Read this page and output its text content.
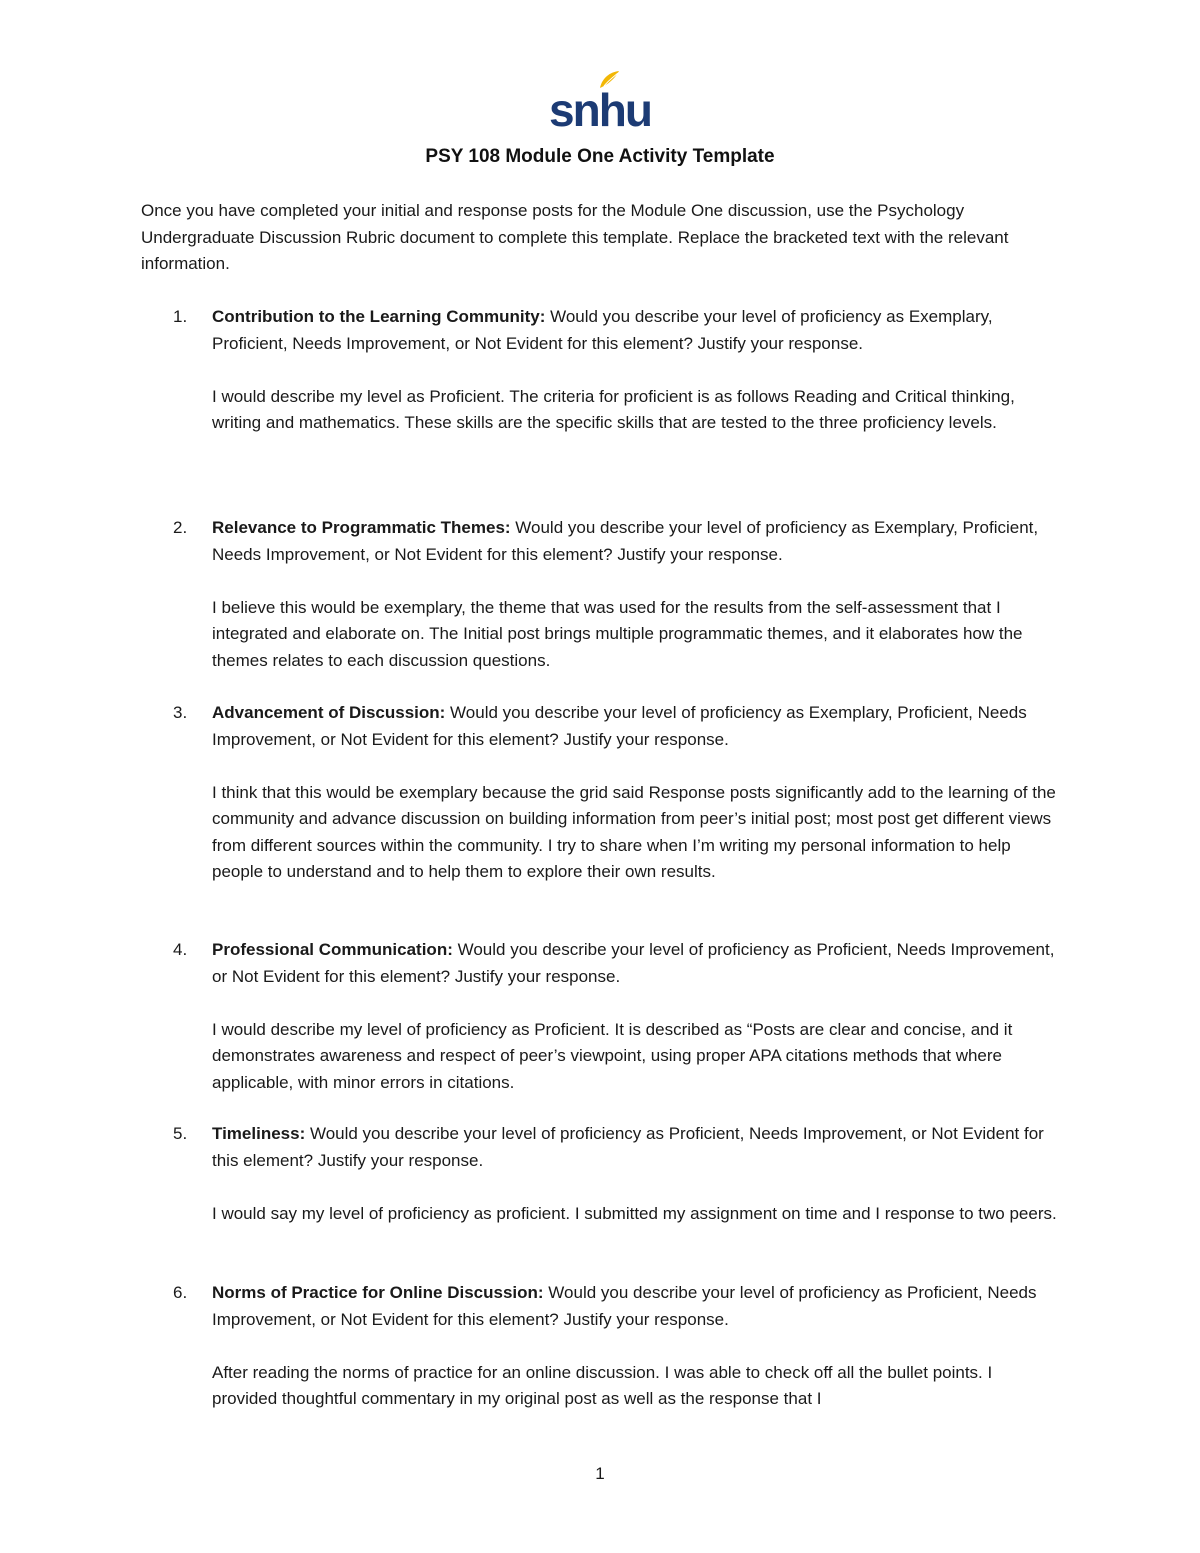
snhu
PSY 108 Module One Activity Template
Once you have completed your initial and response posts for the Module One discussion, use the Psychology Undergraduate Discussion Rubric document to complete this template. Replace the bracketed text with the relevant information.
1.	Contribution to the Learning Community: Would you describe your level of proficiency as Exemplary, Proficient, Needs Improvement, or Not Evident for this element? Justify your response.
I would describe my level as Proficient. The criteria for proficient is as follows Reading and Critical thinking, writing and mathematics. These skills are the specific skills that are tested to the three proficiency levels.
2.	Relevance to Programmatic Themes: Would you describe your level of proficiency as Exemplary, Proficient, Needs Improvement, or Not Evident for this element? Justify your response.
I believe this would be exemplary, the theme that was used for the results from the self-assessment that I integrated and elaborate on. The Initial post brings multiple programmatic themes, and it elaborates how the themes relates to each discussion questions.
3.	Advancement of Discussion: Would you describe your level of proficiency as Exemplary, Proficient, Needs Improvement, or Not Evident for this element? Justify your response.
I think that this would be exemplary because the grid said Response posts significantly add to the learning of the community and advance discussion on building information from peer’s initial post; most post get different views from different sources within the community. I try to share when I’m writing my personal information to help people to understand and to help them to explore their own results.
4.	Professional Communication: Would you describe your level of proficiency as Proficient, Needs Improvement, or Not Evident for this element? Justify your response.
I would describe my level of proficiency as Proficient. It is described as “Posts are clear and concise, and it demonstrates awareness and respect of peer’s viewpoint, using proper APA citations methods that where applicable, with minor errors in citations.
5.	Timeliness: Would you describe your level of proficiency as Proficient, Needs Improvement, or Not Evident for this element? Justify your response.
I would say my level of proficiency as proficient. I submitted my assignment on time and I response to two peers.
6.	Norms of Practice for Online Discussion: Would you describe your level of proficiency as Proficient, Needs Improvement, or Not Evident for this element? Justify your response.
After reading the norms of practice for an online discussion. I was able to check off all the bullet points. I provided thoughtful commentary in my original post as well as the response that I
1
